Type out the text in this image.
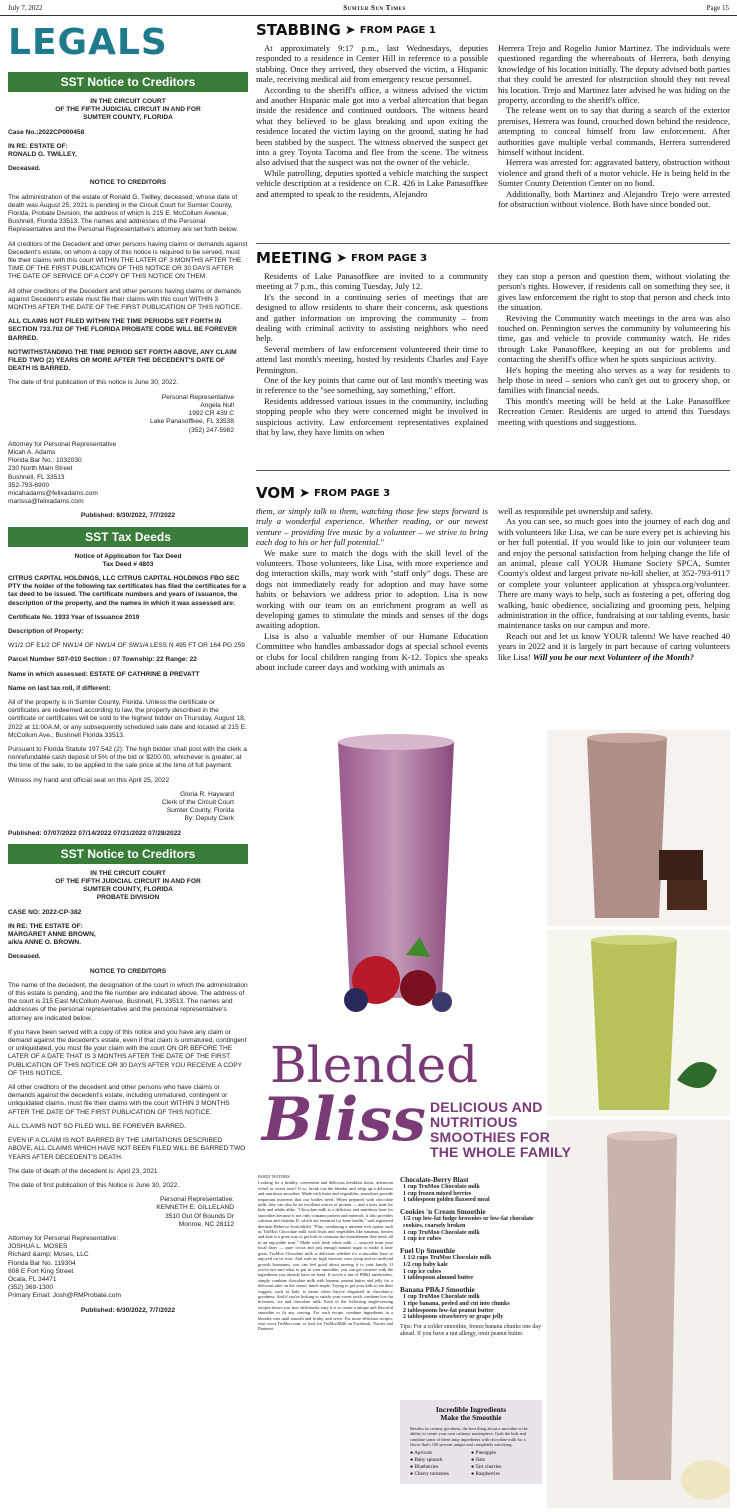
July 7, 2022	Sumter Sun Times	Page 15
LEGALS
SST Notice to Creditors

IN THE CIRCUIT COURT
OF THE FIFTH JUDICIAL CIRCUIT IN AND FOR
SUMTER COUNTY, FLORIDA

Case No.:2022CP000458

IN RE: ESTATE OF:
RONALD G. TWILLEY,

Deceased.

NOTICE TO CREDITORS

The administration of the estate of Ronald G. Twilley, deceased, whose date of death was August 25, 2021 is pending in the Circuit Court for Sumter County, Florida, Probate Division, the address of which is 215 E. McCollum Avenue, Bushnell, Florida 33513. The names and addresses of the Personal Representative and the Personal Representative's attorney are set forth below.

All creditors of the Decedent and other persons having claims or demands against Decedent's estate, on whom a copy of this notice is required to be served, must file their claims with this court WITHIN THE LATER OF 3 MONTHS AFTER THE TIME OF THE FIRST PUBLICATION OF THIS NOTICE OR 30 DAYS AFTER THE DATE OF SERVICE OF A COPY OF THIS NOTICE ON THEM.

All other creditors of the Decedent and other persons having claims or demands against Decedent's estate must file their claims with this court WITHIN 3 MONTHS AFTER THE DATE OF THE FIRST PUBLICATION OF THIS NOTICE.

ALL CLAIMS NOT FILED WITHIN THE TIME PERIODS SET FORTH IN SECTION 733.702 OF THE FLORIDA PROBATE CODE WILL BE FOREVER BARRED.

NOTWITHSTANDING THE TIME PERIOD SET FORTH ABOVE, ANY CLAIM FILED TWO (2) YEARS OR MORE AFTER THE DECEDENT'S DATE OF DEATH IS BARRED.

The date of first publication of this notice is June 30, 2022.

Personal Representative
Angela Null
1992 CR 439 C
Lake Panasoffkee, FL 33538
(352) 247-5982

Attorney for Personal Representative
Micah A. Adams
Florida Bar No.: 1032030
230 North Main Street
Bushnell, FL 33513
352-793-6900
micahadams@felixadams.com
marissa@felixadams.com

Published: 6/30/2022, 7/7/2022

SST Tax Deeds

Notice of Application for Tax Deed
Tax Deed # 4803

CITRUS CAPITAL HOLDINGS, LLC CITRUS CAPITAL HOLDINGS FBO SEC PTY the holder of the following tax certificates has filed the certificates for a tax deed to be issued. The certificate numbers and years of issuance, the description of the property, and the names in which it was assessed are:

Certificate No. 1933 Year of Issuance 2019

Description of Property:

W1/2 OF E1/2 OF NW1/4 OF NW1/4 OF SW1/4 LESS N 495 FT OR 164 PG 259

Parcel Number S07-010 Section : 07 Township: 22 Range: 22

Name in which assessed: ESTATE OF CATHRINE B PREVATT

Name on last tax roll, if different:

All of the property is in Sumter County, Florida. Unless the certificate or certificates are redeemed according to law, the property described in the certificate or certificates will be sold to the highest bidder on Thursday, August 18, 2022 at 11:00A.M, or any subsequently scheduled sale date and located at 215 E. McCollum Ave., Bushnell Florida 33513.

Pursuant to Florida Statute 197.542 (2): The high bidder shall post with the clerk a nonrefundable cash deposit of 5% of the bid or $200.00, whichever is greater, at the time of the sale, to be applied to the sale price at the time of full payment.

Witness my hand and official seal on this April 25, 2022

Gloria R. Hayward
Clerk of the Circuit Court
Sumter County, Florida
By: Deputy Clerk

Published: 07/07/2022 07/14/2022 07/21/2022 07/28/2022

SST Notice to Creditors

IN THE CIRCUIT COURT
OF THE FIFTH JUDICIAL CIRCUIT IN AND FOR
SUMTER COUNTY, FLORIDA
PROBATE DIVISION

CASE NO: 2022-CP-382

IN RE: THE ESTATE OF:
MARGARET ANNE BROWN,
a/k/a ANNE O. BROWN.

Deceased.

NOTICE TO CREDITORS

The name of the decedent, the designation of the court in which the administration of this estate is pending, and the file number are indicated above. The address of the court is 215 East McCollum Avenue, Bushnell, FL 33513. The names and addresses of the personal representative and the personal representative's attorney are indicated below.

If you have been served with a copy of this notice and you have any claim or demand against the decedent's estate, even if that claim is unmatured, contingent or unliquidated, you must file your claim with the court ON OR BEFORE THE LATER OF A DATE THAT IS 3 MONTHS AFTER THE DATE OF THE FIRST PUBLICATION OF THIS NOTICE OR 30 DAYS AFTER YOU RECEIVE A COPY OF THIS NOTICE.

All other creditors of the decedent and other persons who have claims or demands against the decedent's estate, including unmatured, contingent or unliquidated claims, must file their claims with the court WITHIN 3 MONTHS AFTER THE DATE OF THE FIRST PUBLICATION OF THIS NOTICE.

ALL CLAIMS NOT SO FILED WILL BE FOREVER BARRED.

EVEN IF A CLAIM IS NOT BARRED BY THE LIMITATIONS DESCRIBED ABOVE, ALL CLAIMS WHICH HAVE NOT BEEN FILED WILL BE BARRED TWO YEARS AFTER DECEDENT'S DEATH.

The date of death of the decedent is: April 23, 2021

The date of first publication of this Notice is June 30, 2022.

Personal Representative:
KENNETH E. GILLELAND
3510 Out Of Bounds Dr
Monroe, NC 28112

Attorney for Personal Representative:
JOSHUA L. MOSES
Richard &amp; Moses, LLC
Florida Bar No. 119304
808 E Fort King Street
Ocala, FL 34471
(352) 369-1300
Primary Email: Josh@RMProbate.com

Published: 6/30/2022, 7/7/2022

STABBING ➤ FROM PAGE 1

At approximately 9:17 p.m., last Wednesdays, deputies responded to a residence in Center Hill in reference to a possible stabbing. Once they arrived, they observed the victim, a Hispanic male, receiving medical aid from emergency rescue personnel.

According to the sheriff's office, a witness advised the victim and another Hispanic male got into a verbal altercation that began inside the residence and continued outdoors. The witness heard what they believed to be glass breaking and upon exiting the residence located the victim laying on the ground, stating he had been stabbed by the suspect. The witness observed the suspect get into a grey Toyota Tacoma and flee from the scene. The witness also advised that the suspect was not the owner of the vehicle.

While patrolling, deputies spotted a vehicle matching the suspect vehicle description at a residence on C.R. 426 in Lake Panasoffkee and attempted to speak to the residents, Alejandro

Herrera Trejo and Rogelio Junior Martinez. The individuals were questioned regarding the whereabouts of Herrera, both denying knowledge of his location initially. The deputy advised both parties that they could be arrested for obstruction should they not reveal his location. Trejo and Martinez later advised he was hiding on the property, according to the sheriff's office.

The release went on to say that during a search of the exterior premises, Herrera was found, crouched down behind the residence, attempting to conceal himself from law enforcement. After authorities gave multiple verbal commands, Herrera surrendered himself without incident.

Herrera was arrested for: aggravated battery, obstruction without violence and grand theft of a motor vehicle. He is being held in the Sumter County Detention Center on no bond.

Additionally, both Martinez and Alejandro Trejo were arrested for obstruction without violence. Both have since bonded out.

MEETING ➤ FROM PAGE 3

Residents of Lake Panasoffkee are invited to a community meeting at 7 p.m., this coming Tuesday, July 12.

It's the second in a continuing series of meetings that are designed to allow residents to share their concerns, ask questions and gather information on improving the community – from dealing with criminal activity to assisting neighbors who need help.

Several members of law enforcement volunteered their time to attend last month's meeting, hosted by residents Charles and Faye Pennington.

One of the key points that came out of last month's meeting was in reference to the "see something, say something," effort.

Residents addressed various issues in the community, including stopping people who they were concerned might be involved in suspicious activity. Law enforcement representatives explained that by law, they have limits on when

they can stop a person and question them, without violating the person's rights. However, if residents call on something they see, it gives law enforcement the right to stop that person and check into the situation.

Reviving the Community watch meetings in the area was also touched on. Pennington serves the community by volunteering his time, gas and vehicle to provide community watch. He rides through Lake Panasoffkee, keeping an out for problems and contacting the sheriff's office when he spots suspicious activity.

He's hoping the meeting also serves as a way for residents to help those in need – seniors who can't get out to grocery shop, or families with financial needs.

This month's meeting will be held at the Lake Panasoffkee Recreation Center. Residents are urged to attend this Tuesdays meeting with questions and suggestions.

VOM ➤ FROM PAGE 3

them, or simply talk to them, watching those few steps forward is truly a wonderful experience. Whether reading, or our newest venture – providing live music by a volunteer – we strive to bring each dog to his or her full potential."

We make sure to match the dogs with the skill level of the volunteers. Those volunteers, like Lisa, with more experience and dog interaction skills, may work with "staff only" dogs. These are dogs not immediately ready for adoption and may have some habits or behaviors we address prior to adoption. Lisa is now working with our team on an enrichment program as well as developing games to stimulate the minds and senses of the dogs awaiting adoption.

Lisa is also a valuable member of our Humane Education Committee who handles ambassador dogs at special school events or clubs for local children ranging from K-12. Topics she speaks about include career days and working with animals as

well as responsible pet ownership and safety.

As you can see, so much goes into the journey of each dog and with volunteers like Lisa, we can be sure every pet is achieving his or her full potential. If you would like to join our volunteer team and enjoy the personal satisfaction from helping change the life of an animal, please call YOUR Humane Society SPCA, Sumter County's oldest and largest private no-kill shelter, at 352-793-9117 or complete your volunteer application at yhsspca.org/volunteer. There are many ways to help, such as fostering a pet, offering dog walking, basic obedience, socializing and grooming pets, helping administration in the office, fundraising at our tabling events, basic maintenance tasks on our campus and more.

Reach out and let us know YOUR talents! We have reached 40 years in 2022 and it is largely in part because of caring volunteers like Lisa! Will you be our next Volunteer of the Month?

Blended
Bliss DELICIOUS AND
NUTRITIOUS
SMOOTHIES FOR
THE WHOLE FAMILY
FAMILY FEATURES
Looking for a healthy, convenient and delicious breakfast boost, afternoon refuel or sweet treat? If so, break out the blender and whip up a delicious and nutritious smoothie. Made with fruits and vegetables, smoothies provide important nutrients that our bodies need. When prepared with chocolate milk, they can also be an excellent source of protein — and a tasty treat for kids and adults alike. "Chocolate milk is a delicious and nutritious base for smoothies because it not only contains protein and minerals, it also provides calcium and vitamin D, which are essential for bone health," said registered dietitian Rebecca Scritchfield. "Plus, combining a nutrient-rich option such as TruMoo Chocolate milk with fruits and vegetables like bananas, berries and kale is a great way to get kids to consume the nourishment they need, all in an enjoyable treat." Made with fresh white milk — sourced from your local dairy — pure cocoa and just enough natural sugar to make it taste great, TruMoo Chocolate milk is delicious whether it's a smoothie base or enjoyed on its own. And with no high fructose corn syrup and no artificial growth hormones, you can feel good about serving it to your family. If you're not sure what to put in your smoothie, you can get creative with the ingredients you already have on hand. If you're a fan of PB&J sandwiches, simply combine chocolate milk with banana, peanut butter and jelly for a delicious take on the classic lunch staple. Trying to get your kids to eat their veggies, such as kale, is easier when they're disguised in chocolate-y goodness. And if you're looking to satisfy your sweet tooth, combine low-fat brownies, ice and chocolate milk. Each of the following single-serving recipes shows you how deliciously easy it is to create a unique and flavorful smoothie to fit any craving. For each recipe, combine ingredients in a blender, mix until smooth and frothy, and serve. For more delicious recipes, visit www.TruMoo.com, or look for TruMooMilk on Facebook, Twitter and Pinterest.
Chocolate-Berry Blast
1 cup TruMoo Chocolate milk
1 cup frozen mixed berries
1 tablespoon golden flaxseed meal
Cookies 'n Cream Smoothie
1/2 cup low-fat fudge brownies or low-fat chocolate cookies, coarsely broken
1 cup TruMoo Chocolate milk
1 cup ice cubes
Fuel Up Smoothie
1 1/2 cups TruMoo Chocolate milk
1/2 cup baby kale
1 cup ice cubes
1 tablespoon almond butter
Banana PB&J Smoothie
1 cup TruMoo Chocolate milk
1 ripe banana, peeled and cut into chunks
2 tablespoons low-fat peanut butter
2 tablespoons strawberry or grape jelly
Tips: For a colder smoothie, freeze banana chunks one day ahead. If you have a nut allergy, omit peanut butter.
Incredible Ingredients
Make the Smoothie
Besides its creamy goodness, the best thing about a smoothie is the ability to create your own culinary masterpiece. Grab the kids and combine some of these tasty ingredients with chocolate milk for a flavor that's 100 percent unique and completely satisfying.
● Apricots	● Pineapple
● Baby spinach	● Oats
● Blueberries	● Tart cherries
● Cherry tomatoes	● Raspberries
